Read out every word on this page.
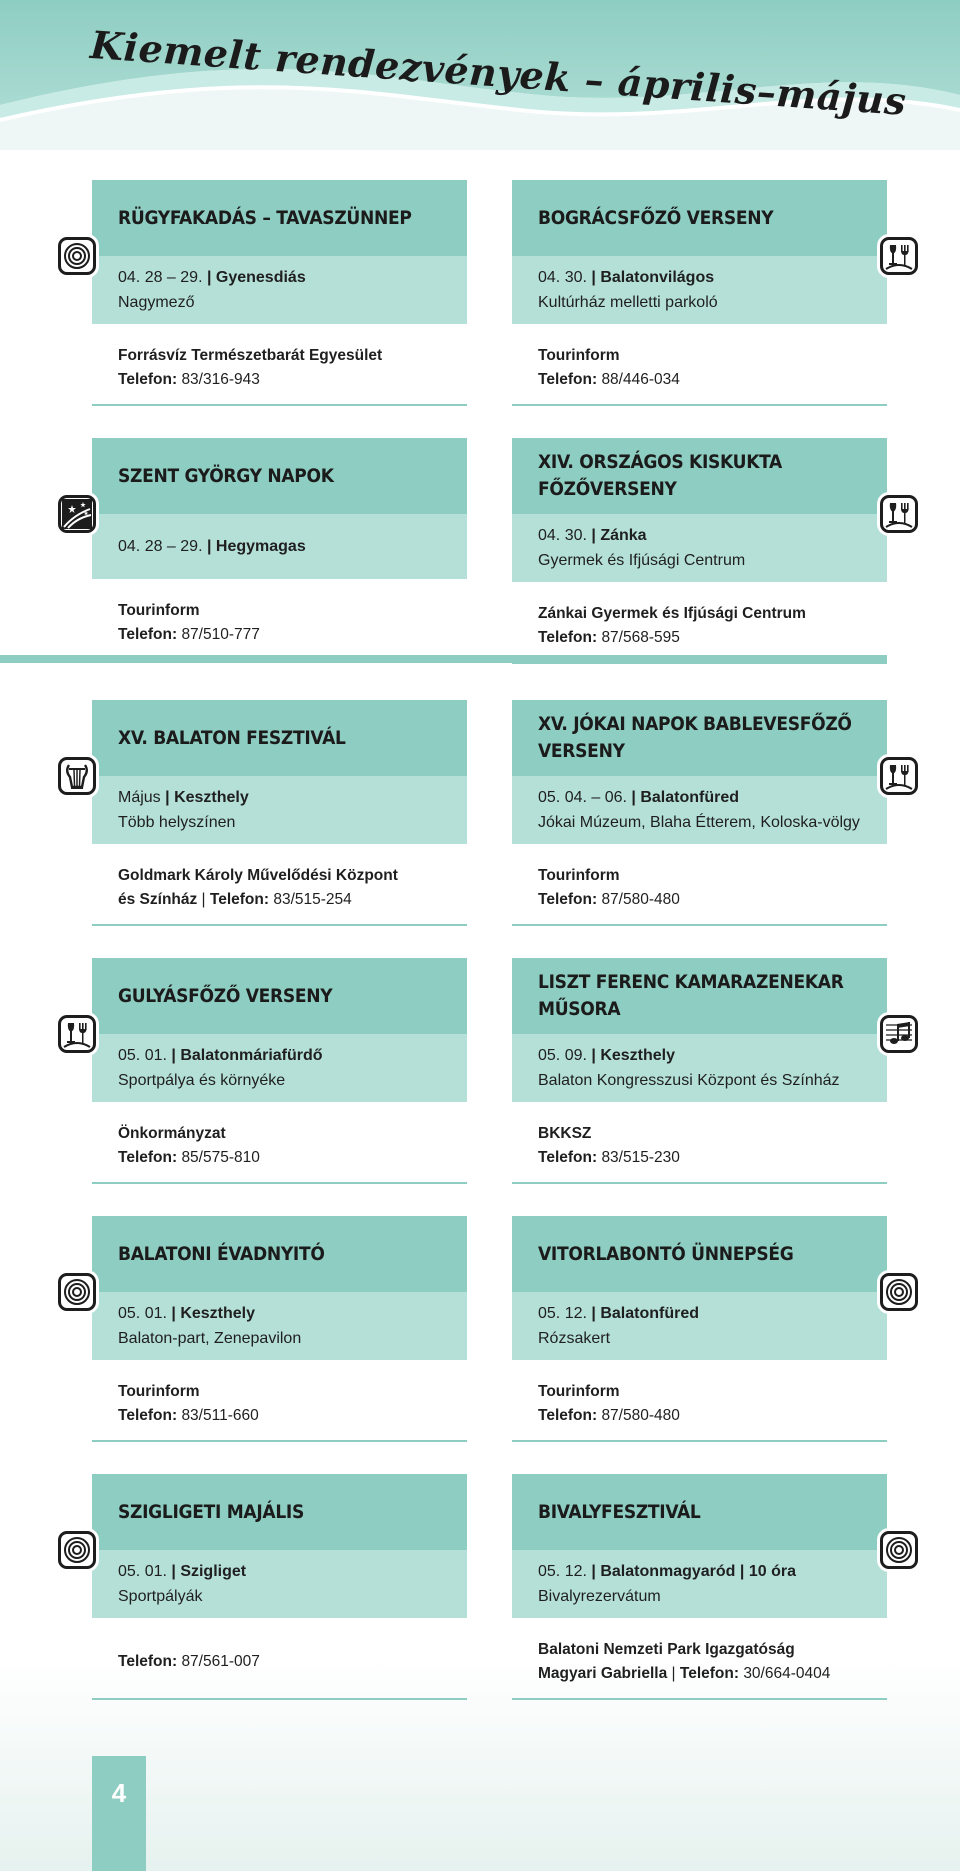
Kiemelt rendezvények – április–május
RÜGYFAKADÁS – TAVASZÜNNEP
04. 28 – 29. | Gyenesdiás
Nagymező
Forrásvíz Természetbarát Egyesület
Telefon: 83/316-943
BOGRÁCSFŐZŐ VERSENY
04. 30. | Balatonvilágos
Kultúrház melletti parkoló
Tourinform
Telefon: 88/446-034
SZENT GYÖRGY NAPOK
04. 28 – 29. | Hegymagas
Tourinform
Telefon: 87/510-777
XIV. ORSZÁGOS KISKUKTA FŐZŐVERSENY
04. 30. | Zánka
Gyermek és Ifjúsági Centrum
Zánkai Gyermek és Ifjúsági Centrum
Telefon: 87/568-595
XV. BALATON FESZTIVÁL
Május | Keszthely
Több helyszínen
Goldmark Károly Művelődési Központ
és Színház | Telefon: 83/515-254
XV. JÓKAI NAPOK BABLEVESFŐZŐ VERSENY
05. 04. – 06. | Balatonfüred
Jókai Múzeum, Blaha Étterem, Koloska-völgy
Tourinform
Telefon: 87/580-480
GULYÁSFŐZŐ VERSENY
05. 01. | Balatonmáriafürdő
Sportpálya és környéke
Önkormányzat
Telefon: 85/575-810
LISZT FERENC KAMARAZENEKAR MŰSORA
05. 09. | Keszthely
Balaton Kongresszusi Központ és Színház
BKKSZ
Telefon: 83/515-230
BALATONI ÉVADNYITÓ
05. 01. | Keszthely
Balaton-part, Zenepavilon
Tourinform
Telefon: 83/511-660
VITORLABONTÓ ÜNNEPSÉG
05. 12. | Balatonfüred
Rózsakert
Tourinform
Telefon: 87/580-480
SZIGLIGETI MAJÁLIS
05. 01. | Szigliget
Sportpályák
Telefon: 87/561-007
BIVALYFESZTIVÁL
05. 12. | Balatonmagyaród | 10 óra
Bivalyrezervátum
Balatoni Nemzeti Park Igazgatóság
Magyari Gabriella | Telefon: 30/664-0404
4
